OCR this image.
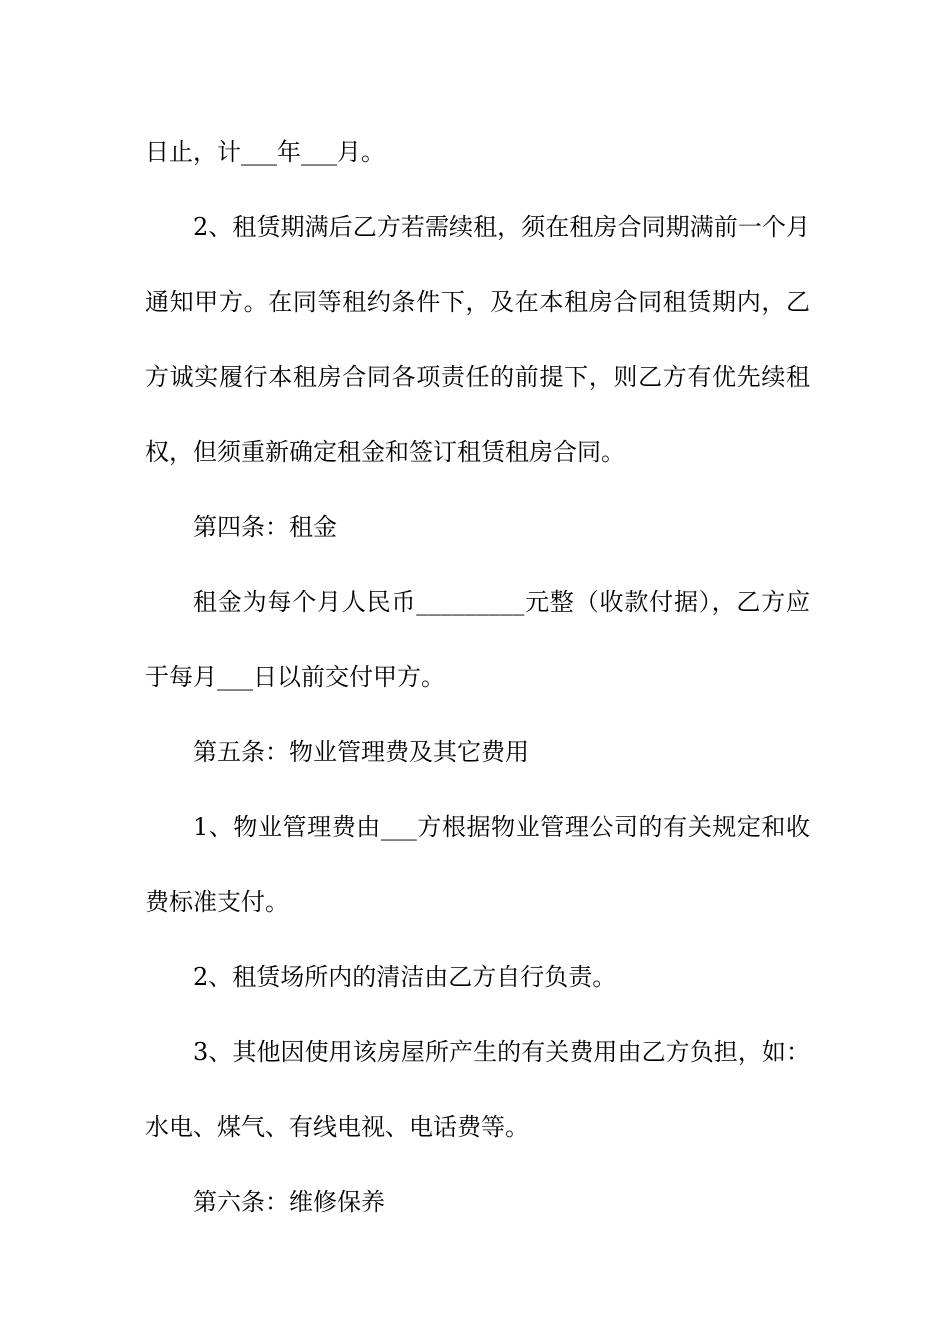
日止，计___年___月。

2、租赁期满后乙方若需续租，须在租房合同期满前一个月通知甲方。在同等租约条件下，及在本租房合同租赁期内，乙方诚实履行本租房合同各项责任的前提下，则乙方有优先续租权，但须重新确定租金和签订租赁租房合同。

第四条：租金

租金为每个月人民币_________元整（收款付据），乙方应于每月___日以前交付甲方。

第五条：物业管理费及其它费用

1、物业管理费由___方根据物业管理公司的有关规定和收费标准支付。

2、租赁场所内的清洁由乙方自行负责。

3、其他因使用该房屋所产生的有关费用由乙方负担，如：水电、煤气、有线电视、电话费等。

第六条：维修保养
